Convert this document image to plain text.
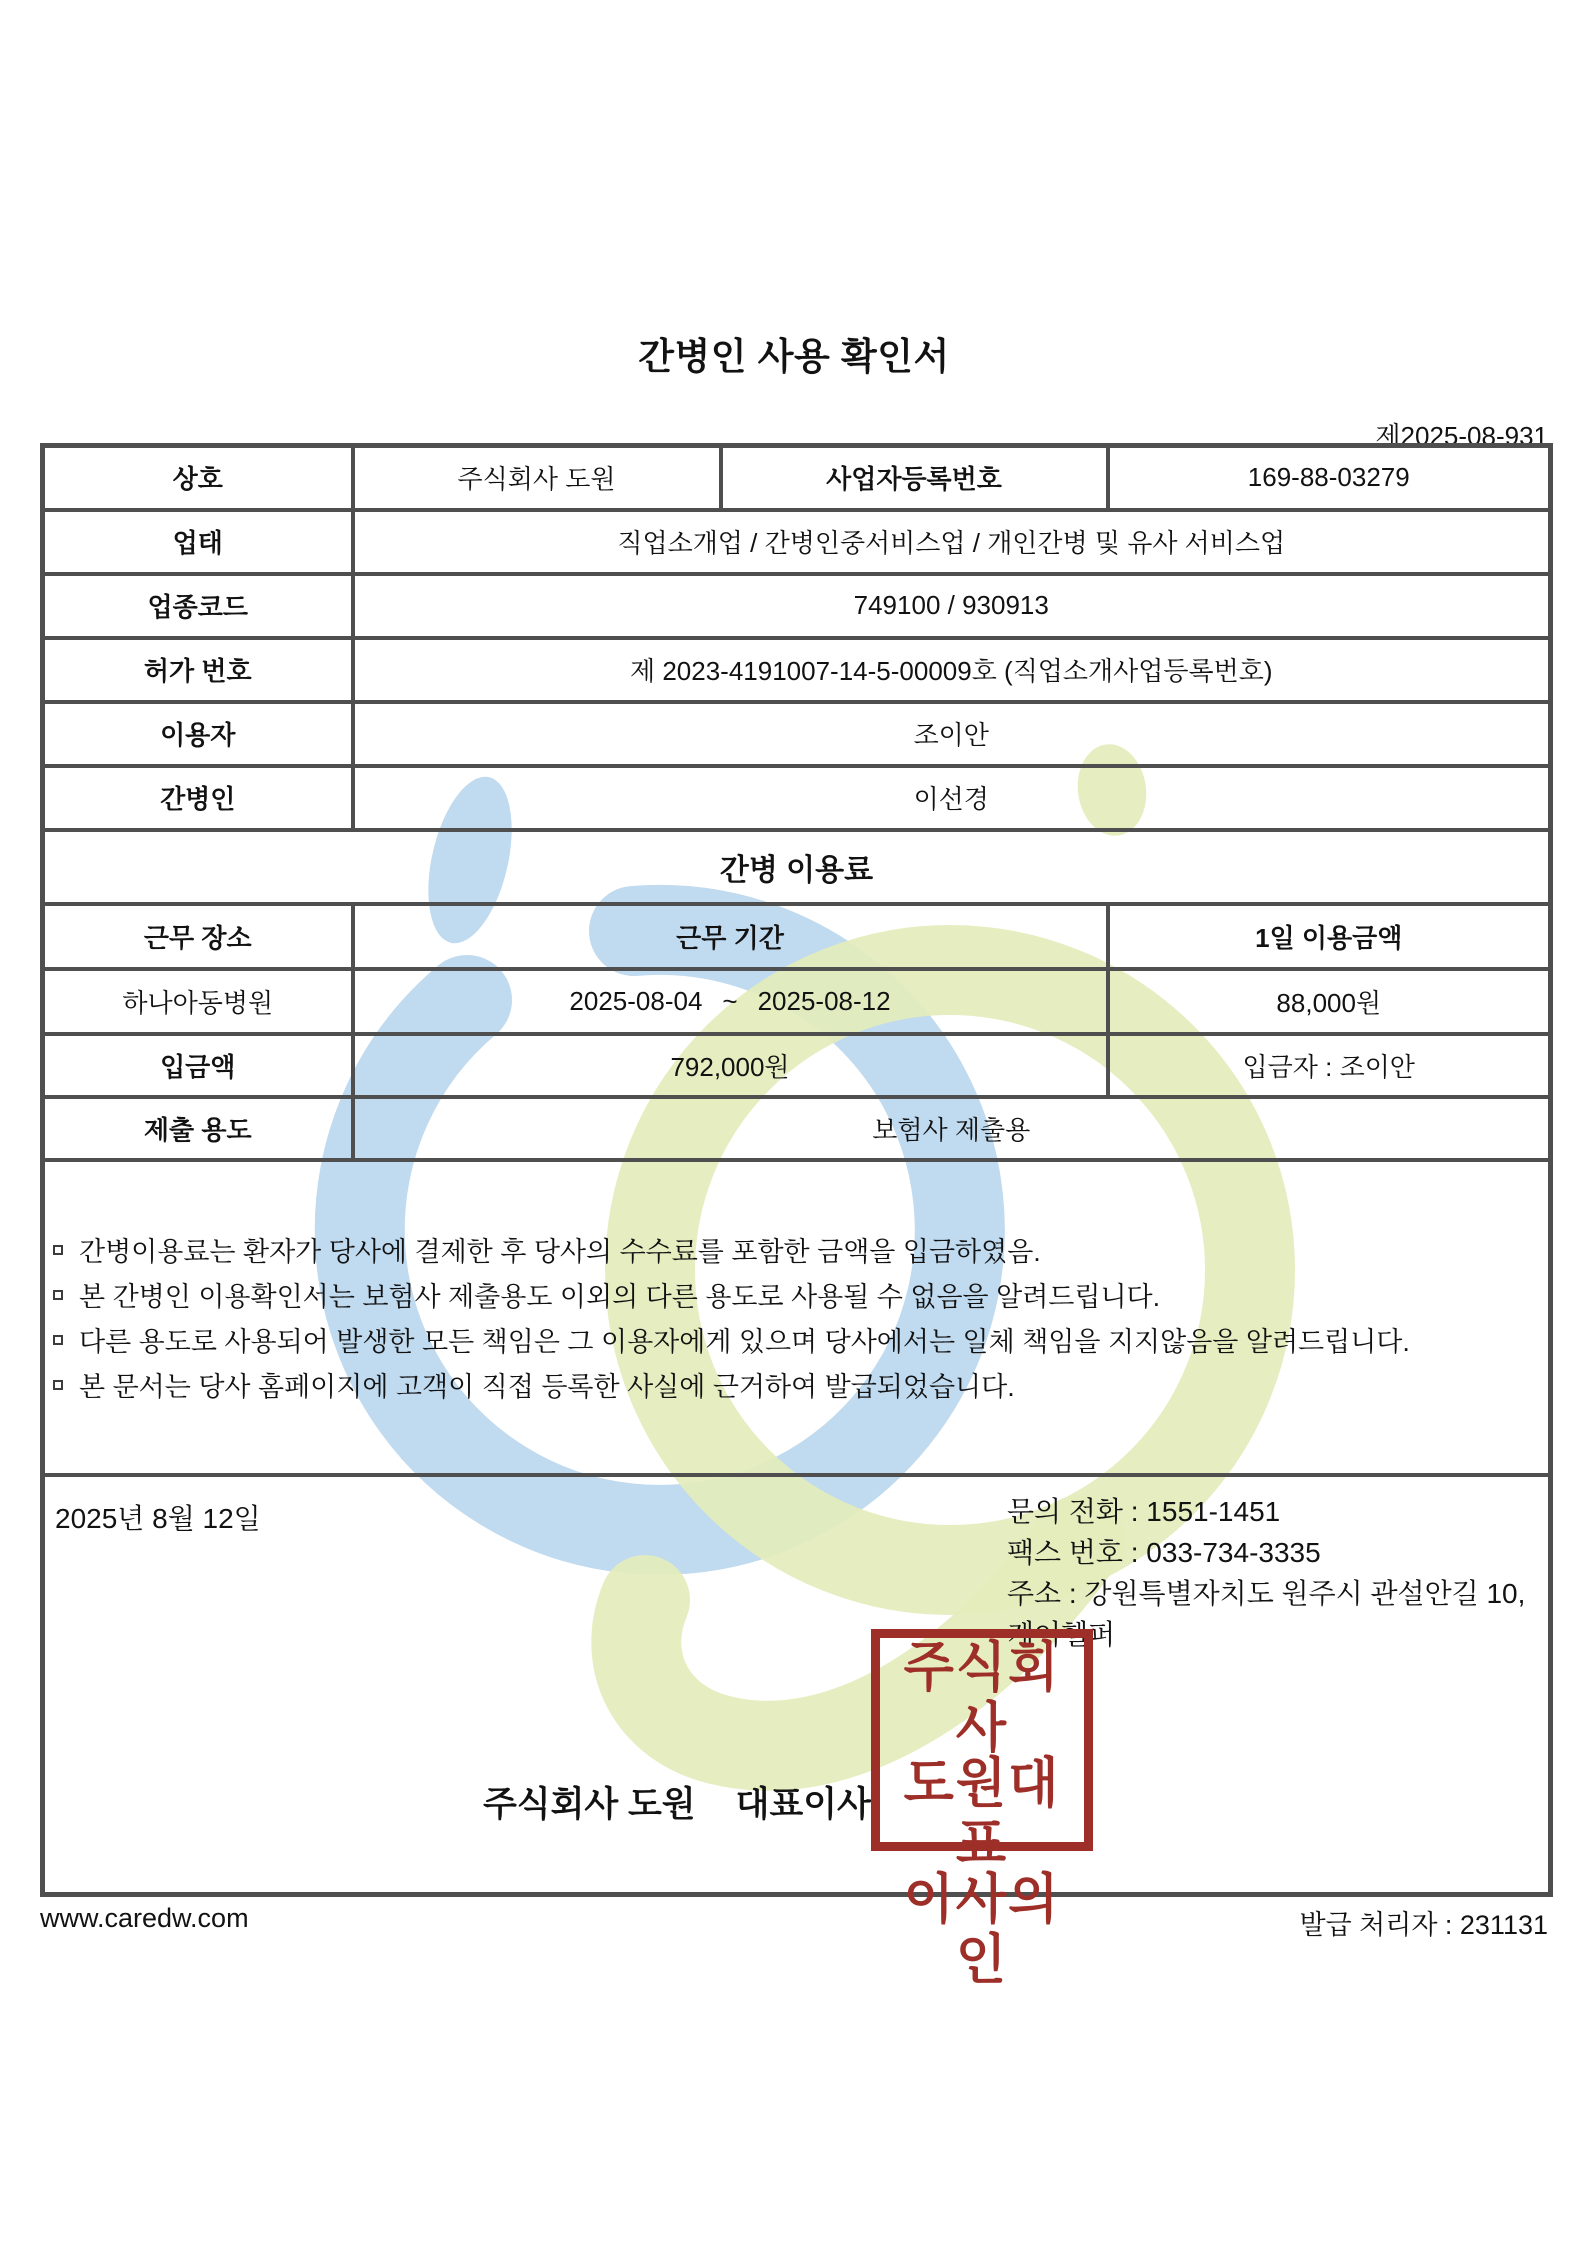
간병인 사용 확인서
제2025-08-931
상호	주식회사 도원	사업자등록번호	169-88-03279
업태	직업소개업 / 간병인중서비스업 / 개인간병 및 유사 서비스업		
업종코드	749100 / 930913		
허가 번호	제 2023-4191007-14-5-00009호 (직업소개사업등록번호)		
이용자	조이안		
간병인	이선경		
간병 이용료			
근무 장소	근무 기간		1일 이용금액
하나아동병원	2025-08-04 ~ 2025-08-12		88,000원
입금액	792,000원		입금자 : 조이안
제출 용도	보험사 제출용		

간병이용료는 환자가 당사에 결제한 후 당사의 수수료를 포함한 금액을 입금하였음.
본 간병인 이용확인서는 보험사 제출용도 이외의 다른 용도로 사용될 수 없음을 알려드립니다.
다른 용도로 사용되어 발생한 모든 책임은 그 이용자에게 있으며 당사에서는 일체 책임을 지지않음을 알려드립니다.
본 문서는 당사 홈페이지에 고객이 직접 등록한 사실에 근거하여 발급되었습니다.			

2025년 8월 12일	문의 전화 : 1551-1451
팩스 번호 : 033-734-3335
주소 : 강원특별자치도 원주시 관설안길 10, 케어헬퍼
주식회사 도원 대표이사
주식회사
도원대표
이사의인
www.caredw.com	발급 처리자 : 231131
